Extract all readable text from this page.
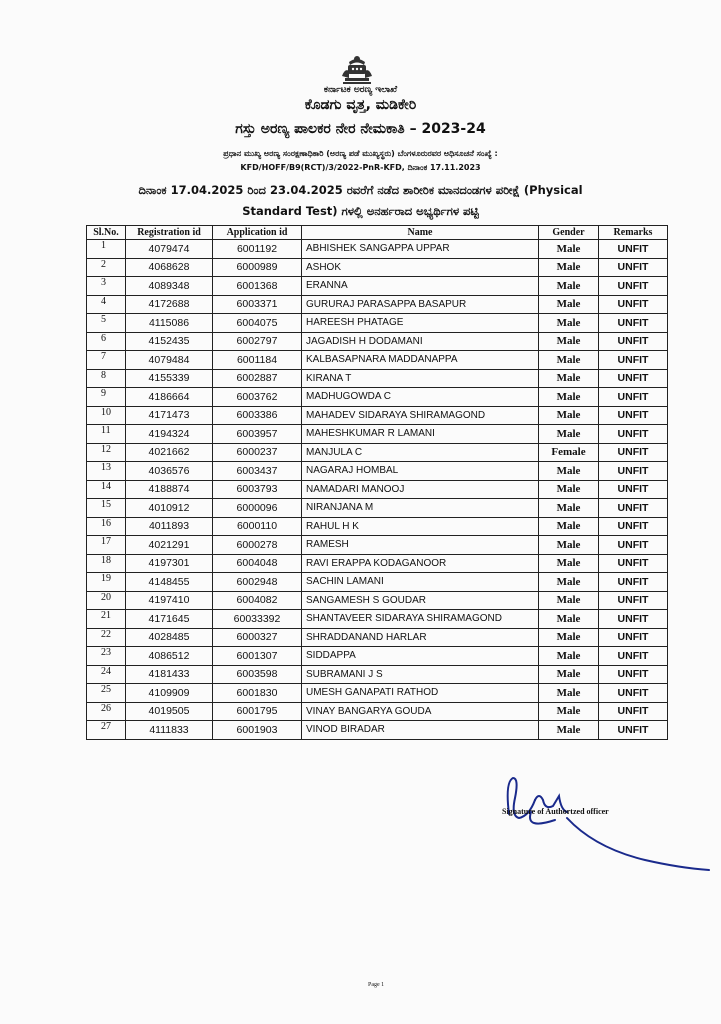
ಕರ್ನಾಟಕ ಅರಣ್ಯ ಇಲಾಖೆ
ಕೊಡಗು ವೃತ್ತ, ಮಡಿಕೇರಿ
ಗಸ್ತು ಅರಣ್ಯ ಪಾಲಕರ ನೇರ ನೇಮಕಾತಿ – 2023-24
ಪ್ರಧಾನ ಮುಖ್ಯ ಅರಣ್ಯ ಸಂರಕ್ಷಣಾಧಿಕಾರಿ (ಅರಣ್ಯ ಪಡೆ ಮುಖ್ಯಸ್ಥರು) ಬೆಂಗಳೂರುರವರ ಅಧಿಸೂಚನೆ ಸಂಖ್ಯೆ :
KFD/HOFF/B9(RCT)/3/2022-PnR-KFD, ದಿನಾಂಕ 17.11.2023
ದಿನಾಂಕ 17.04.2025 ರಿಂದ 23.04.2025 ರವರೆಗೆ ನಡೆದ ಶಾರೀರಿಕ ಮಾನದಂಡಗಳ ಪರೀಕ್ಷೆ (Physical
Standard Test) ಗಳಲ್ಲಿ ಅನರ್ಹರಾದ ಅಭ್ಯರ್ಥಿಗಳ ಪಟ್ಟಿ
Sl.No.	Registration id	Application id	Name	Gender	Remarks
1	4079474	6001192	ABHISHEK SANGAPPA UPPAR	Male	UNFIT
2	4068628	6000989	ASHOK	Male	UNFIT
3	4089348	6001368	ERANNA	Male	UNFIT
4	4172688	6003371	GURURAJ PARASAPPA BASAPUR	Male	UNFIT
5	4115086	6004075	HAREESH PHATAGE	Male	UNFIT
6	4152435	6002797	JAGADISH H DODAMANI	Male	UNFIT
7	4079484	6001184	KALBASAPNARA MADDANAPPA	Male	UNFIT
8	4155339	6002887	KIRANA T	Male	UNFIT
9	4186664	6003762	MADHUGOWDA C	Male	UNFIT
10	4171473	6003386	MAHADEV SIDARAYA SHIRAMAGOND	Male	UNFIT
11	4194324	6003957	MAHESHKUMAR R LAMANI	Male	UNFIT
12	4021662	6000237	MANJULA C	Female	UNFIT
13	4036576	6003437	NAGARAJ HOMBAL	Male	UNFIT
14	4188874	6003793	NAMADARI MANOOJ	Male	UNFIT
15	4010912	6000096	NIRANJANA M	Male	UNFIT
16	4011893	6000110	RAHUL H K	Male	UNFIT
17	4021291	6000278	RAMESH	Male	UNFIT
18	4197301	6004048	RAVI ERAPPA KODAGANOOR	Male	UNFIT
19	4148455	6002948	SACHIN LAMANI	Male	UNFIT
20	4197410	6004082	SANGAMESH S GOUDAR	Male	UNFIT
21	4171645	60033392	SHANTAVEER SIDARAYA SHIRAMAGOND	Male	UNFIT
22	4028485	6000327	SHRADDANAND HARLAR	Male	UNFIT
23	4086512	6001307	SIDDAPPA	Male	UNFIT
24	4181433	6003598	SUBRAMANI J S	Male	UNFIT
25	4109909	6001830	UMESH GANAPATI RATHOD	Male	UNFIT
26	4019505	6001795	VINAY BANGARYA GOUDA	Male	UNFIT
27	4111833	6001903	VINOD BIRADAR	Male	UNFIT
Signature of Authortzed officer
Page 1
